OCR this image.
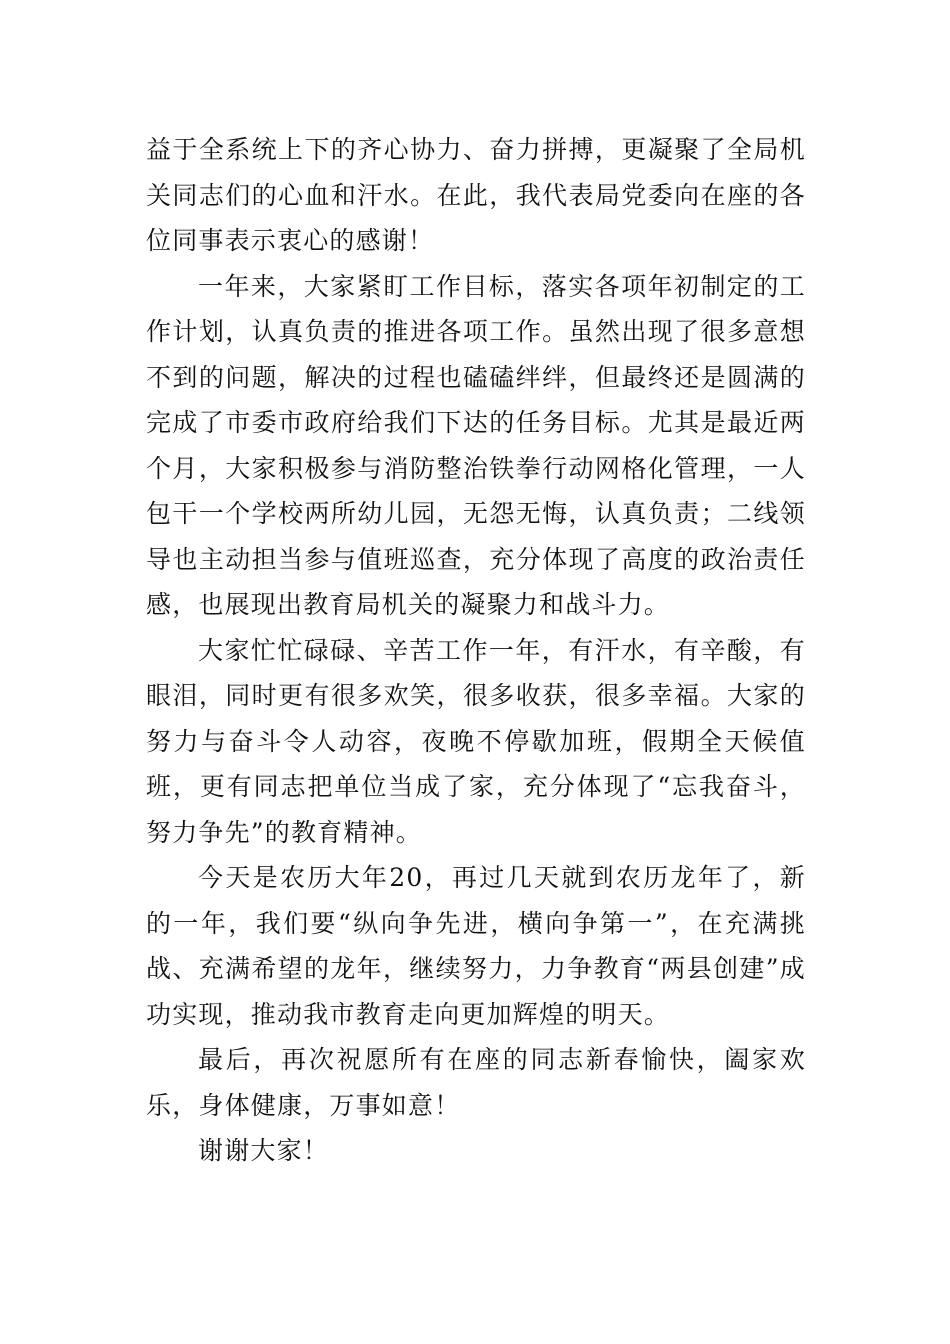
益于全系统上下的齐心协力、奋力拼搏，更凝聚了全局机关同志们的心血和汗水。在此，我代表局党委向在座的各位同事表示衷心的感谢！

一年来，大家紧盯工作目标，落实各项年初制定的工作计划，认真负责的推进各项工作。虽然出现了很多意想不到的问题，解决的过程也磕磕绊绊，但最终还是圆满的完成了市委市政府给我们下达的任务目标。尤其是最近两个月，大家积极参与消防整治铁拳行动网格化管理，一人包干一个学校两所幼儿园，无怨无悔，认真负责；二线领导也主动担当参与值班巡查，充分体现了高度的政治责任感，也展现出教育局机关的凝聚力和战斗力。

大家忙忙碌碌、辛苦工作一年，有汗水，有辛酸，有眼泪，同时更有很多欢笑，很多收获，很多幸福。大家的努力与奋斗令人动容，夜晚不停歇加班，假期全天候值班，更有同志把单位当成了家，充分体现了“忘我奋斗，努力争先”的教育精神。

今天是农历大年20，再过几天就到农历龙年了，新的一年，我们要“纵向争先进，横向争第一”，在充满挑战、充满希望的龙年，继续努力，力争教育“两县创建”成功实现，推动我市教育走向更加辉煌的明天。

最后，再次祝愿所有在座的同志新春愉快，阖家欢乐，身体健康，万事如意！

谢谢大家！
